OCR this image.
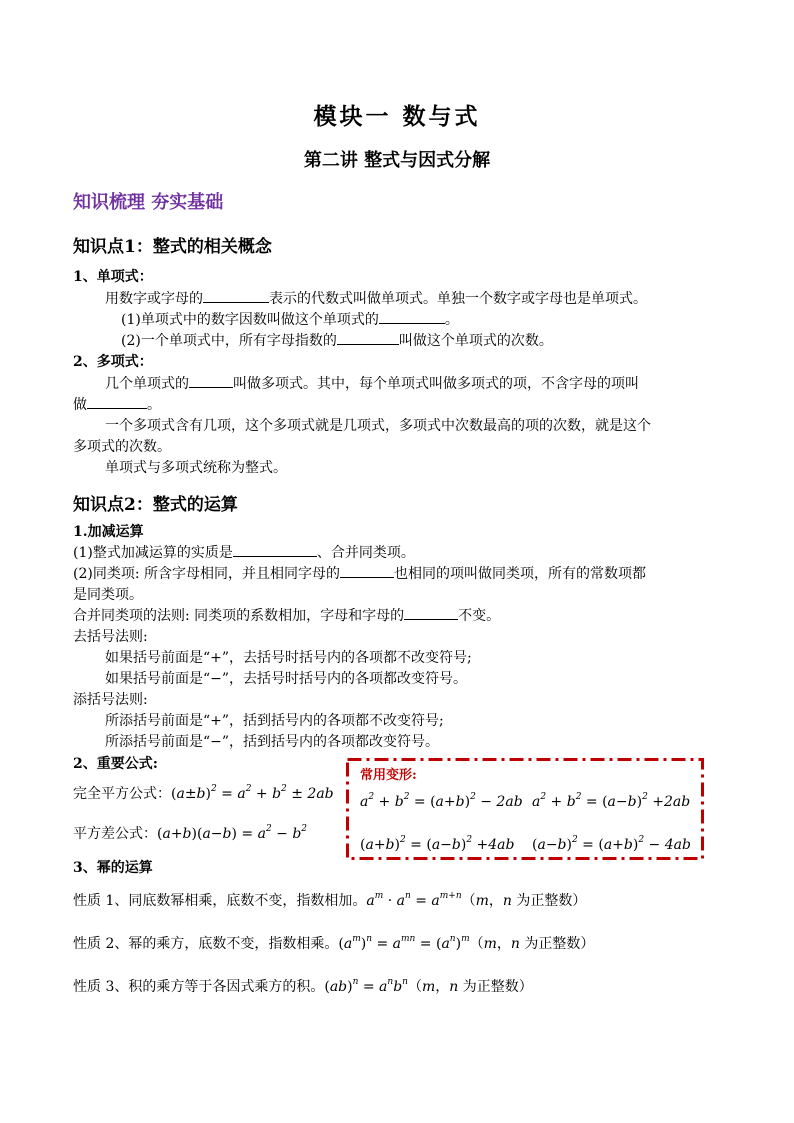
模块一 数与式
第二讲 整式与因式分解
知识梳理 夯实基础
知识点1：整式的相关概念
1、单项式：
用数字或字母的	表示的代数式叫做单项式。单独一个数字或字母也是单项式。
(1)单项式中的数字因数叫做这个单项式的	。
(2)一个单项式中，所有字母指数的	叫做这个单项式的次数。
2、多项式：
几个单项式的	叫做多项式。其中，每个单项式叫做多项式的项，不含字母的项叫
做	。
一个多项式含有几项，这个多项式就是几项式，多项式中次数最高的项的次数，就是这个
多项式的次数。
单项式与多项式统称为整式。
知识点2：整式的运算
1.加减运算
(1)整式加减运算的实质是	、合并同类项。
(2)同类项: 所含字母相同，并且相同字母的	也相同的项叫做同类项，所有的常数项都
是同类项。
合并同类项的法则: 同类项的系数相加，字母和字母的	不变。
去括号法则:
如果括号前面是“+”，去括号时括号内的各项都不改变符号;
如果括号前面是“−”，去括号时括号内的各项都改变符号。
添括号法则:
所添括号前面是“+”，括到括号内的各项都不改变符号;
所添括号前面是“−”，括到括号内的各项都改变符号。
2、重要公式:
完全平方公式：$(a\pm b)^2 = a^2 + b^2 \pm 2ab$
平方差公式：$(a+b)(a-b) = a^2 - b^2$
常用变形:
$a^2 + b^2 = (a+b)^2 - 2ab$ $a^2 + b^2 = (a-b)^2 +2ab$
$(a+b)^2 = (a-b)^2 +4ab$ $(a-b)^2 = (a+b)^2 - 4ab$
3、幂的运算
性质 1、同底数幂相乘，底数不变，指数相加。$a^m \cdot a^n = a^{m+n}(m$，n 为正整数）
性质 2、幂的乘方，底数不变，指数相乘。$(a^m)^n = a^{mn} = (a^n)^m(m$，n 为正整数）
性质 3、积的乘方等于各因式乘方的积。$(ab)^n = a^nb^n(m$，n 为正整数）
